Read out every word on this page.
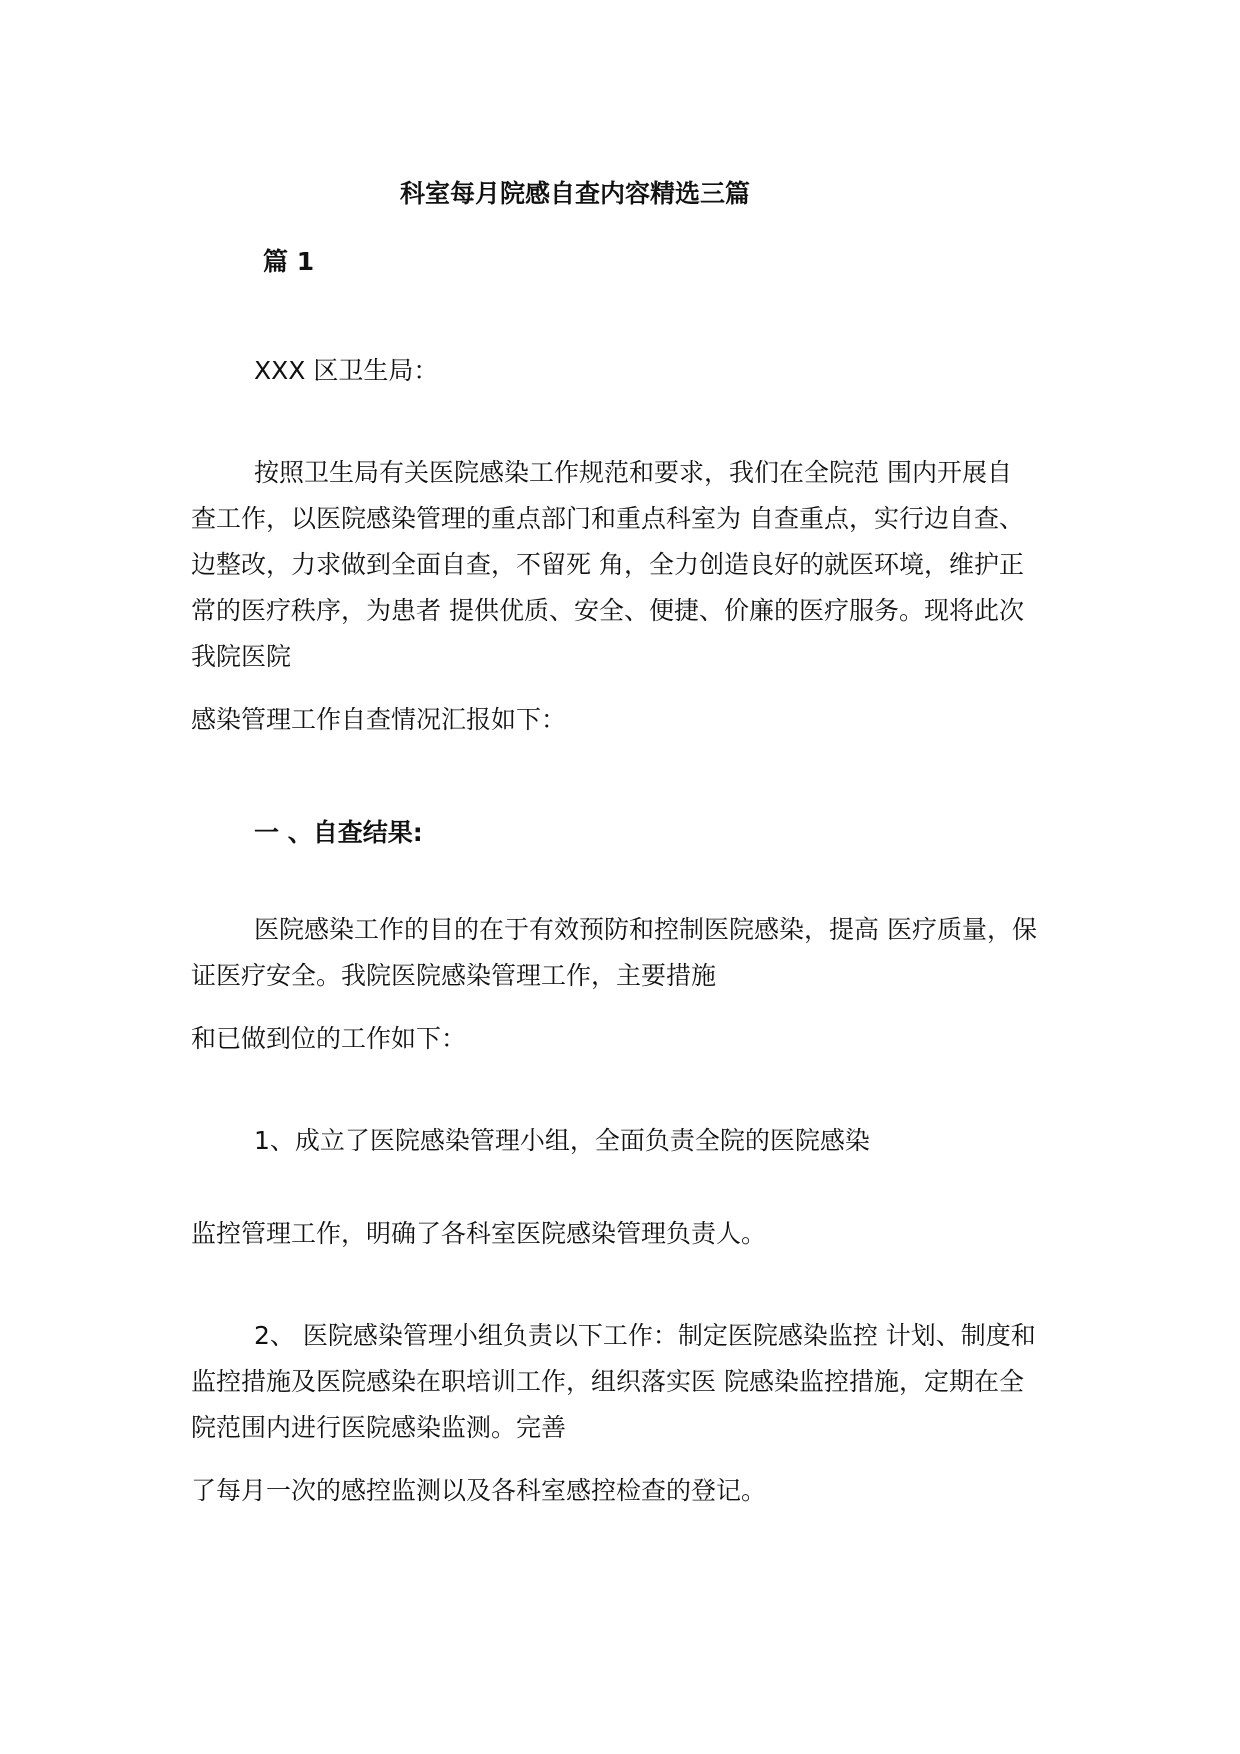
科室每月院感自查内容精选三篇

篇 1

XXX 区卫生局：

按照卫生局有关医院感染工作规范和要求，我们在全院范 围内开展自

查工作，以医院感染管理的重点部门和重点科室为 自查重点，实行边自查、

边整改，力求做到全面自查，不留死 角，全力创造良好的就医环境，维护正

常的医疗秩序，为患者 提供优质、安全、便捷、价廉的医疗服务。现将此次

我院医院

感染管理工作自查情况汇报如下：

一 、自查结果:

医院感染工作的目的在于有效预防和控制医院感染，提高 医疗质量，保

证医疗安全。我院医院感染管理工作，主要措施

和已做到位的工作如下：

1、成立了医院感染管理小组，全面负责全院的医院感染

监控管理工作，明确了各科室医院感染管理负责人。

2、 医院感染管理小组负责以下工作：制定医院感染监控 计划、制度和

监控措施及医院感染在职培训工作，组织落实医 院感染监控措施，定期在全

院范围内进行医院感染监测。完善

了每月一次的感控监测以及各科室感控检查的登记。
